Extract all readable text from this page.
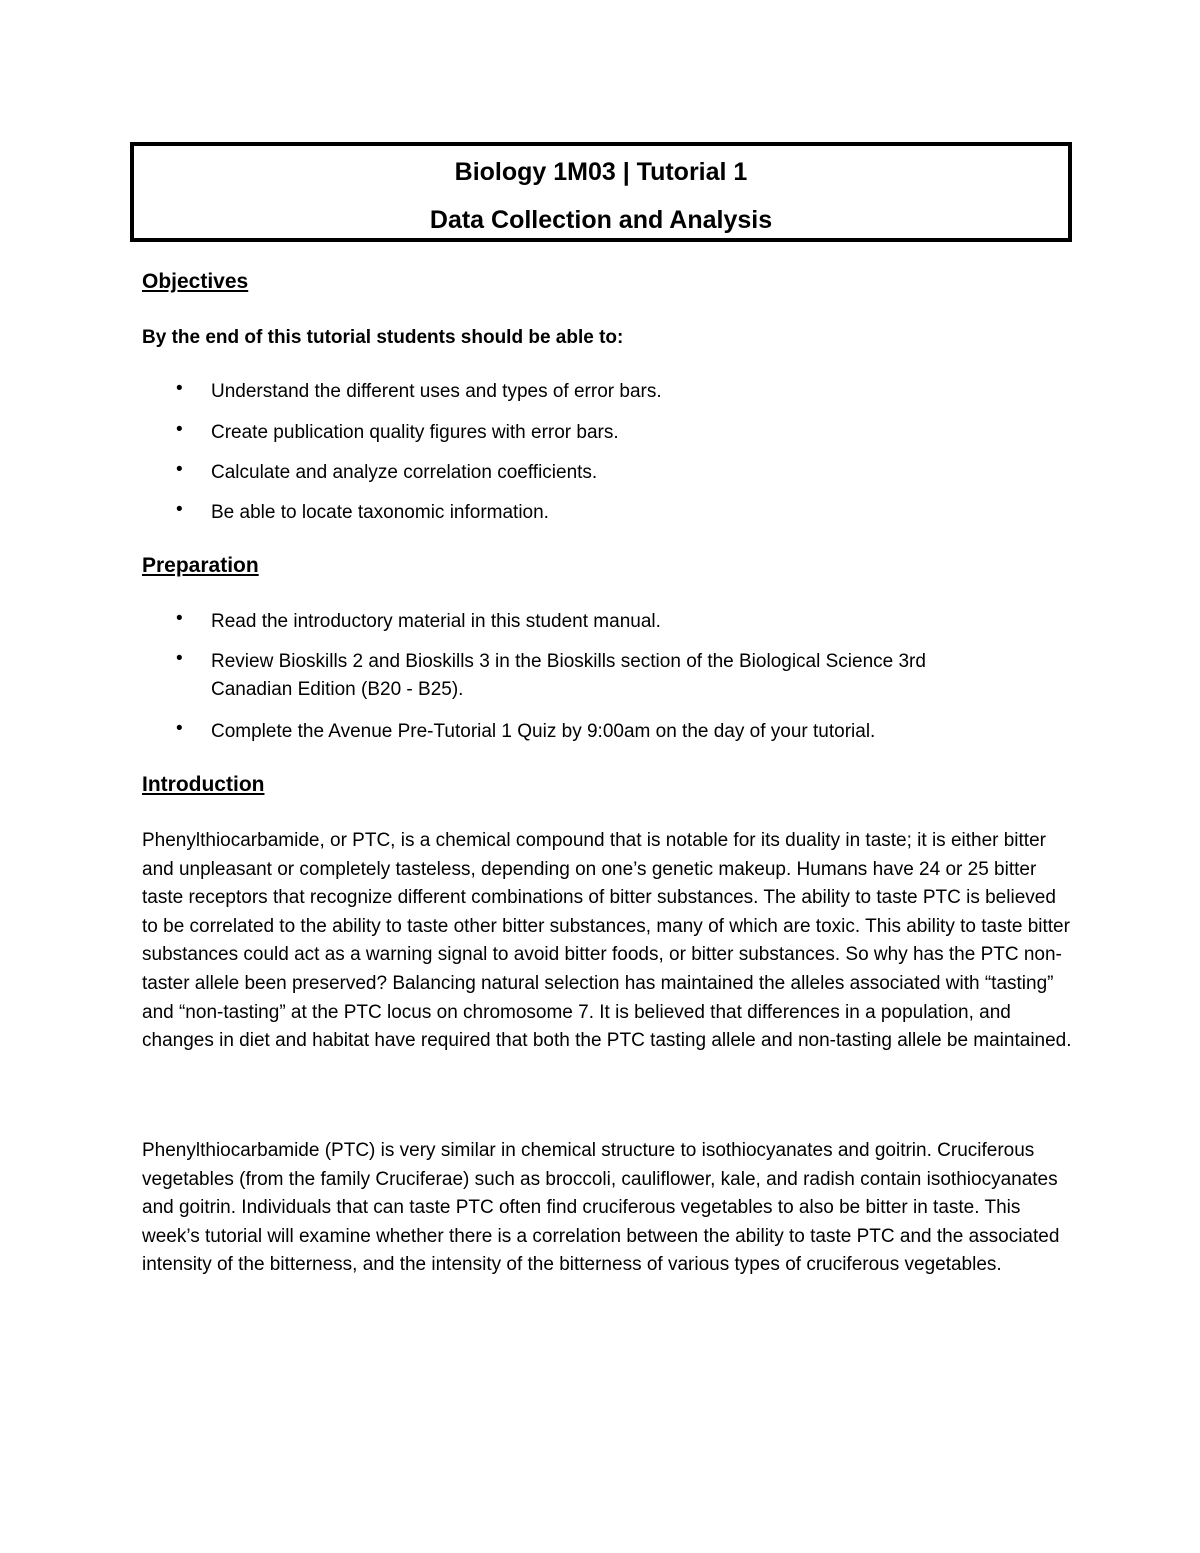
Biology 1M03 | Tutorial 1
Data Collection and Analysis
Objectives
By the end of this tutorial students should be able to:
• Understand the different uses and types of error bars.
• Create publication quality figures with error bars.
• Calculate and analyze correlation coefficients.
• Be able to locate taxonomic information.
Preparation
• Read the introductory material in this student manual.
• Review Bioskills 2 and Bioskills 3 in the Bioskills section of the Biological Science 3rd Canadian Edition (B20 - B25).
• Complete the Avenue Pre-Tutorial 1 Quiz by 9:00am on the day of your tutorial.
Introduction
Phenylthiocarbamide, or PTC, is a chemical compound that is notable for its duality in taste; it is either bitter and unpleasant or completely tasteless, depending on one’s genetic makeup. Humans have 24 or 25 bitter taste receptors that recognize different combinations of bitter substances. The ability to taste PTC is believed to be correlated to the ability to taste other bitter substances, many of which are toxic. This ability to taste bitter substances could act as a warning signal to avoid bitter foods, or bitter substances. So why has the PTC non-taster allele been preserved? Balancing natural selection has maintained the alleles associated with “tasting” and “non-tasting” at the PTC locus on chromosome 7. It is believed that differences in a population, and changes in diet and habitat have required that both the PTC tasting allele and non-tasting allele be maintained.
Phenylthiocarbamide (PTC) is very similar in chemical structure to isothiocyanates and goitrin. Cruciferous vegetables (from the family Cruciferae) such as broccoli, cauliflower, kale, and radish contain isothiocyanates and goitrin. Individuals that can taste PTC often find cruciferous vegetables to also be bitter in taste. This week’s tutorial will examine whether there is a correlation between the ability to taste PTC and the associated intensity of the bitterness, and the intensity of the bitterness of various types of cruciferous vegetables.
